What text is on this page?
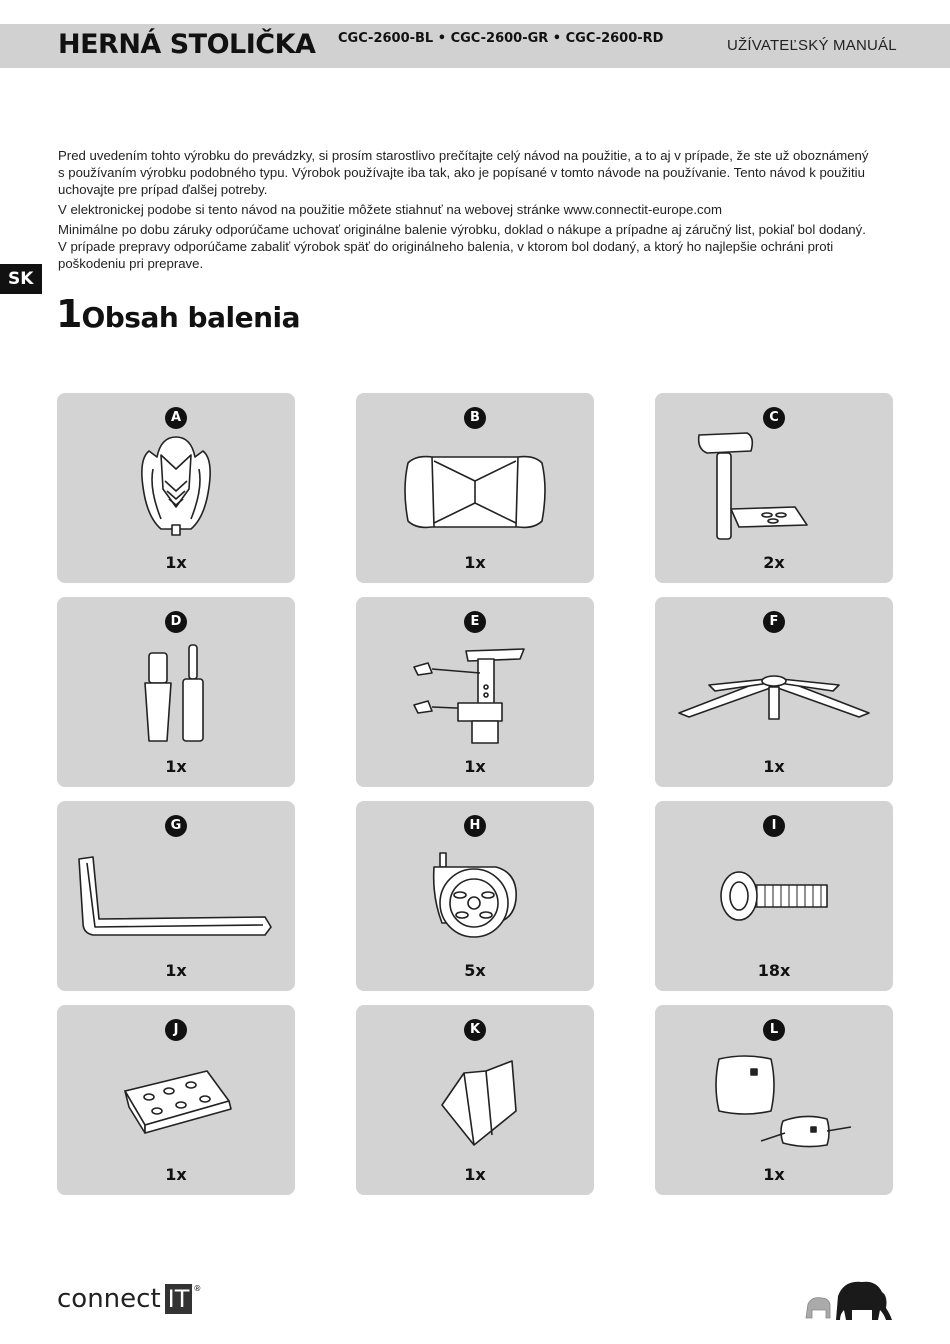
HERNÁ STOLIČKA CGC-2600-BL • CGC-2600-GR • CGC-2600-RD	UŽÍVATEĽSKÝ MANUÁL
SK

Pred uvedením tohto výrobku do prevádzky, si prosím starostlivo prečítajte celý návod na použitie, a to aj v prípade, že ste už oboznámený s používaním výrobku podobného typu. Výrobok používajte iba tak, ako je popísané v tomto návode na používanie. Tento návod k použitiu uchovajte pre prípad ďalšej potreby.

V elektronickej podobe si tento návod na použitie môžete stiahnuť na webovej stránke www.connectit-europe.com

Minimálne po dobu záruky odporúčame uchovať originálne balenie výrobku, doklad o nákupe a prípadne aj záručný list, pokiaľ bol dodaný. V prípade prepravy odporúčame zabaliť výrobok späť do originálneho balenia, v ktorom bol dodaný, a ktorý ho najlepšie ochráni proti poškodeniu pri preprave.

1Obsah balenia
A
1x
B
1x
C
2x
D
1x
E
1x
F
1x
G
1x
H
5x
I
18x
J
1x
K
1x
L
1x
connect IT ®
